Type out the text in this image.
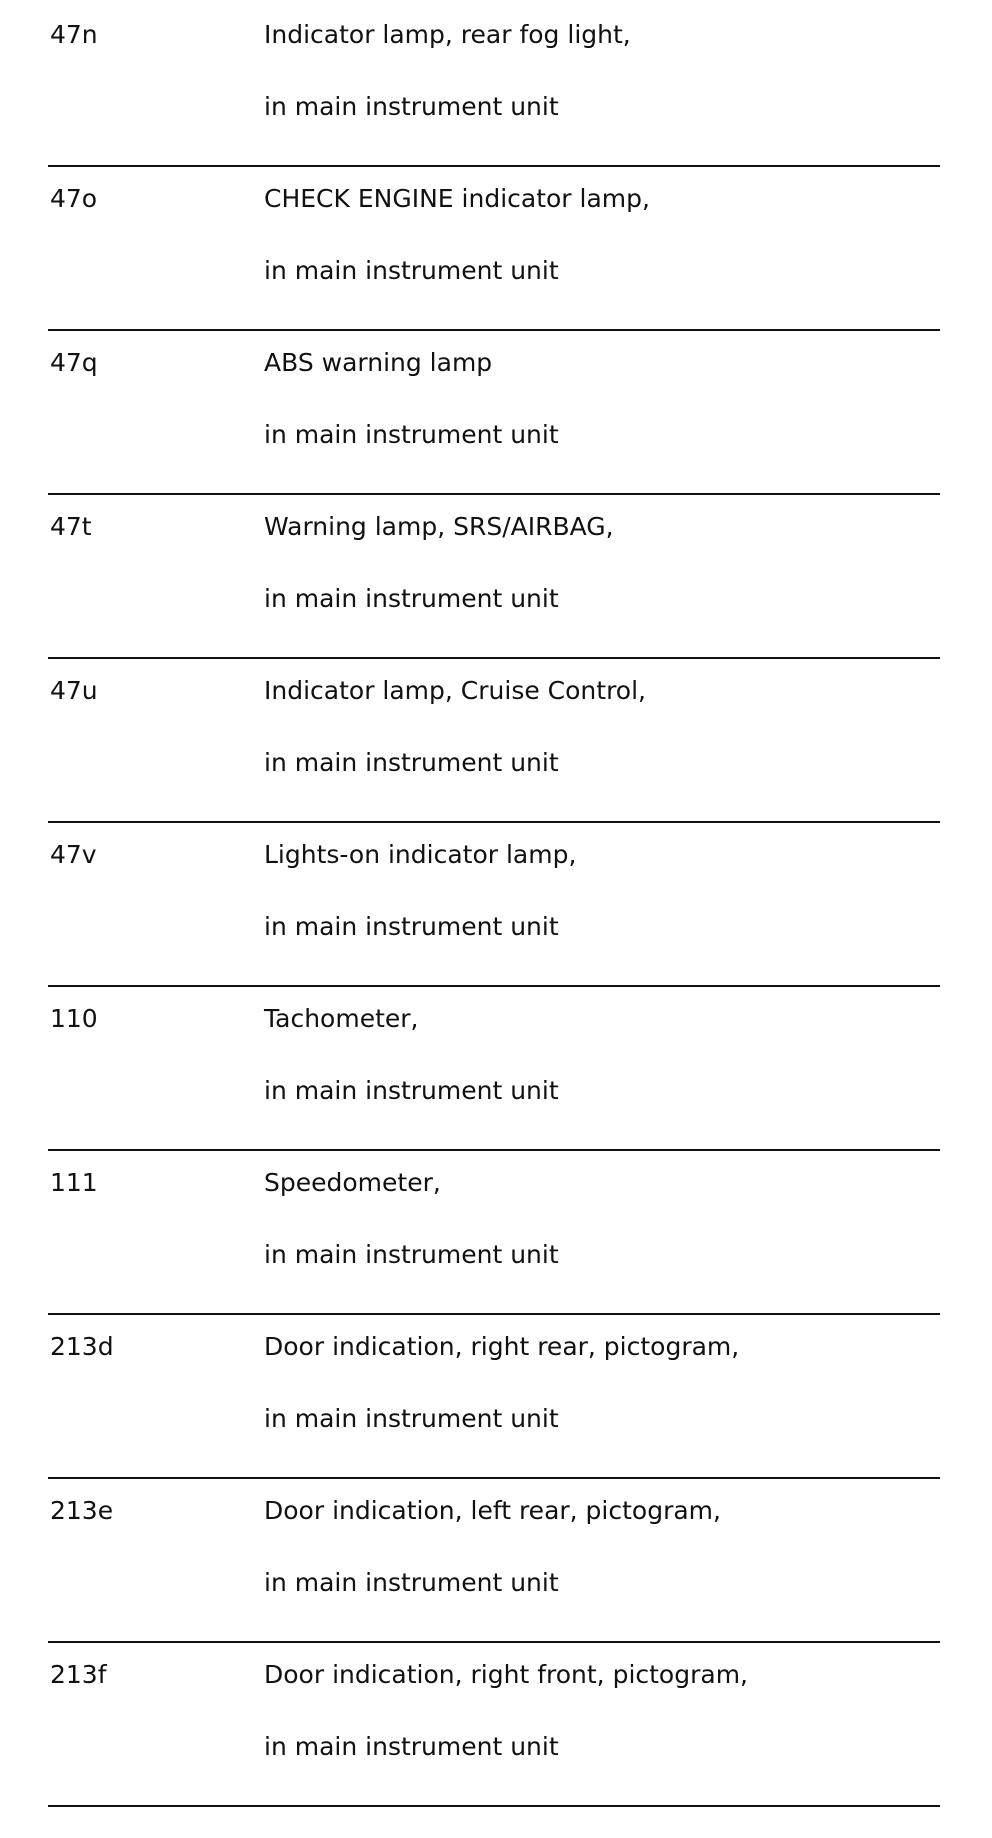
47n	Indicator lamp, rear fog light,
in main instrument unit
47o	CHECK ENGINE indicator lamp,
in main instrument unit
47q	ABS warning lamp
in main instrument unit
47t	Warning lamp, SRS/AIRBAG,
in main instrument unit
47u	Indicator lamp, Cruise Control,
in main instrument unit
47v	Lights-on indicator lamp,
in main instrument unit
110	Tachometer,
in main instrument unit
111	Speedometer,
in main instrument unit
213d	Door indication, right rear, pictogram,
in main instrument unit
213e	Door indication, left rear, pictogram,
in main instrument unit
213f	Door indication, right front, pictogram,
in main instrument unit
